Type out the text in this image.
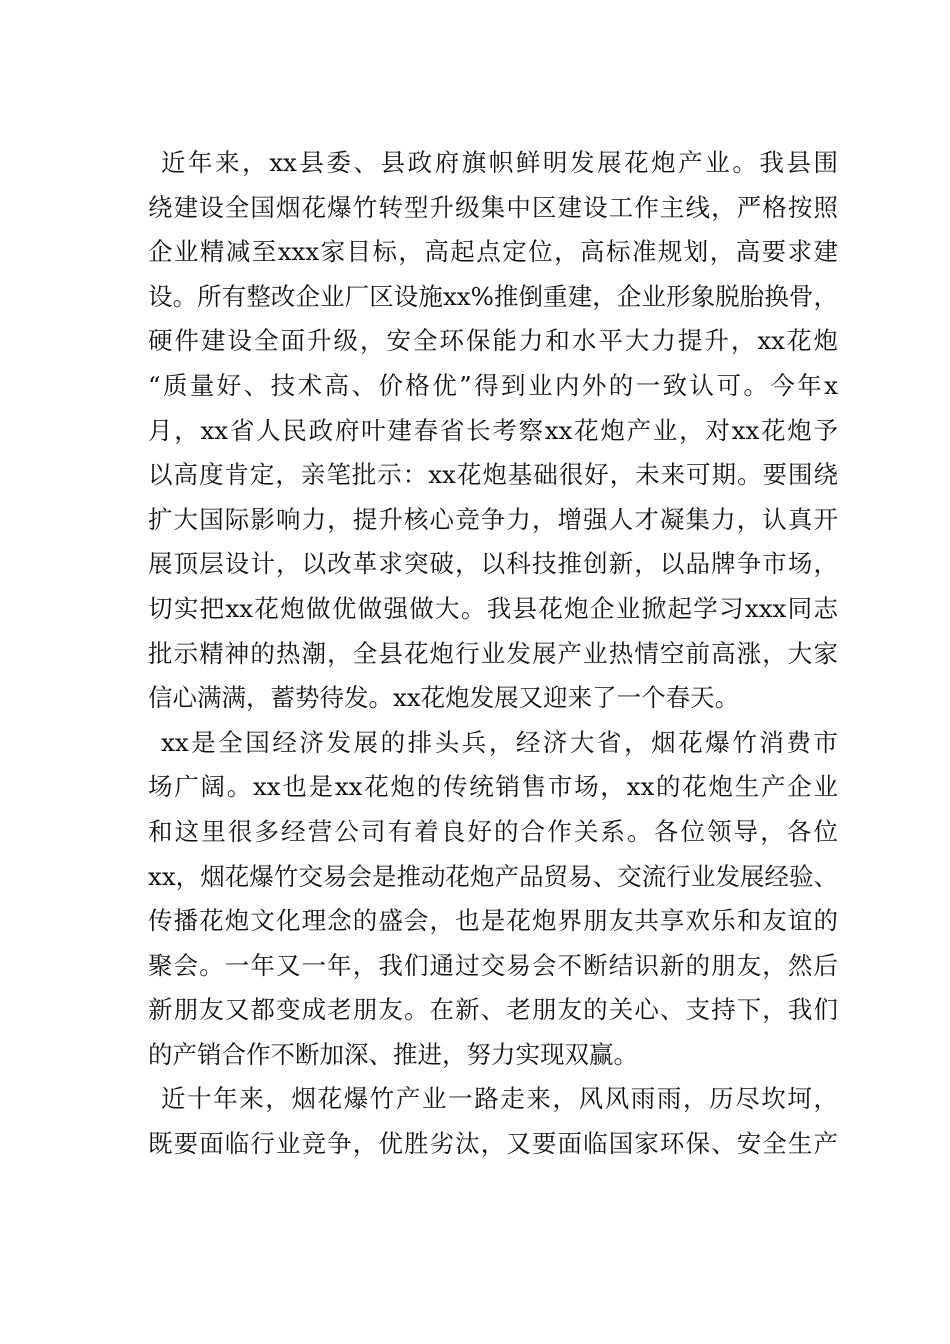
近年来，xx县委、县政府旗帜鲜明发展花炮产业。我县围
绕建设全国烟花爆竹转型升级集中区建设工作主线，严格按照
企业精减至xxx家目标，高起点定位，高标准规划，高要求建
设。所有整改企业厂区设施xx%推倒重建，企业形象脱胎换骨，
硬件建设全面升级，安全环保能力和水平大力提升，xx花炮
“质量好、技术高、价格优”得到业内外的一致认可。今年x
月，xx省人民政府叶建春省长考察xx花炮产业，对xx花炮予
以高度肯定，亲笔批示：xx花炮基础很好，未来可期。要围绕
扩大国际影响力，提升核心竞争力，增强人才凝集力，认真开
展顶层设计，以改革求突破，以科技推创新，以品牌争市场，
切实把xx花炮做优做强做大。我县花炮企业掀起学习xxx同志
批示精神的热潮，全县花炮行业发展产业热情空前高涨，大家
信心满满，蓄势待发。xx花炮发展又迎来了一个春天。
xx是全国经济发展的排头兵，经济大省，烟花爆竹消费市
场广阔。xx也是xx花炮的传统销售市场，xx的花炮生产企业
和这里很多经营公司有着良好的合作关系。各位领导，各位
xx，烟花爆竹交易会是推动花炮产品贸易、交流行业发展经验、
传播花炮文化理念的盛会，也是花炮界朋友共享欢乐和友谊的
聚会。一年又一年，我们通过交易会不断结识新的朋友，然后
新朋友又都变成老朋友。在新、老朋友的关心、支持下，我们
的产销合作不断加深、推进，努力实现双赢。
近十年来，烟花爆竹产业一路走来，风风雨雨，历尽坎坷，
既要面临行业竞争，优胜劣汰，又要面临国家环保、安全生产
